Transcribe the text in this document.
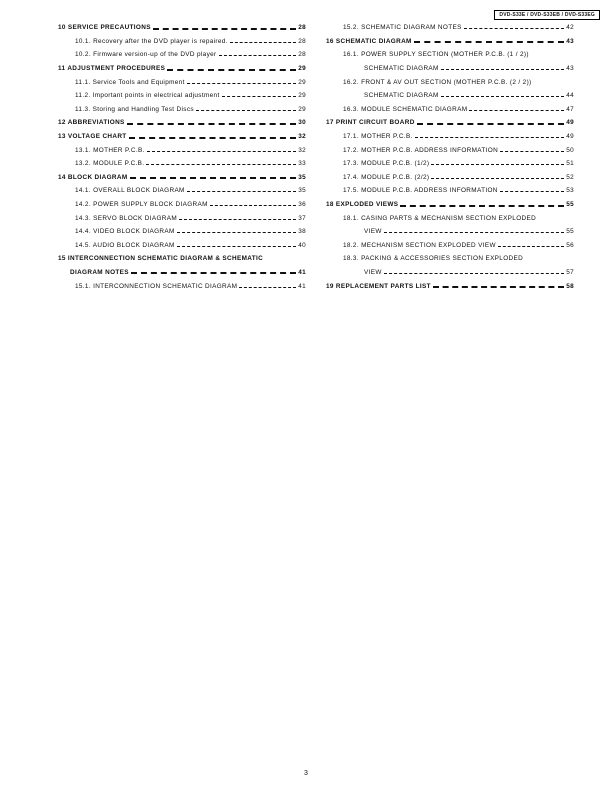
DVD-S33E / DVD-S33EB / DVD-S33EG
10 SERVICE PRECAUTIONS	28
10.1. Recovery after the DVD player is repaired.	28
10.2. Firmware version-up of the DVD player	28
11 ADJUSTMENT PROCEDURES	29
11.1. Service Tools and Equipment	29
11.2. Important points in electrical adjustment	29
11.3. Storing and Handling Test Discs	29
12 ABBREVIATIONS	30
13 VOLTAGE CHART	32
13.1. MOTHER P.C.B.	32
13.2. MODULE P.C.B.	33
14 BLOCK DIAGRAM	35
14.1. OVERALL BLOCK DIAGRAM	35
14.2. POWER SUPPLY BLOCK DIAGRAM	36
14.3. SERVO BLOCK DIAGRAM	37
14.4. VIDEO BLOCK DIAGRAM	38
14.5. AUDIO BLOCK DIAGRAM	40
15 INTERCONNECTION SCHEMATIC DIAGRAM & SCHEMATIC
DIAGRAM NOTES	41
15.1. INTERCONNECTION SCHEMATIC DIAGRAM	41
15.2. SCHEMATIC DIAGRAM NOTES	42
16 SCHEMATIC DIAGRAM	43
16.1. POWER SUPPLY SECTION (MOTHER P.C.B. (1 / 2))
SCHEMATIC DIAGRAM	43
16.2. FRONT & AV OUT SECTION (MOTHER P.C.B. (2 / 2))
SCHEMATIC DIAGRAM	44
16.3. MODULE SCHEMATIC DIAGRAM	47
17 PRINT CIRCUIT BOARD	49
17.1. MOTHER P.C.B.	49
17.2. MOTHER P.C.B. ADDRESS INFORMATION	50
17.3. MODULE P.C.B. (1/2)	51
17.4. MODULE P.C.B. (2/2)	52
17.5. MODULE P.C.B. ADDRESS INFORMATION	53
18 EXPLODED VIEWS	55
18.1. CASING PARTS & MECHANISM SECTION EXPLODED
VIEW	55
18.2. MECHANISM SECTION EXPLODED VIEW	56
18.3. PACKING & ACCESSORIES SECTION EXPLODED
VIEW	57
19 REPLACEMENT PARTS LIST	58
3
